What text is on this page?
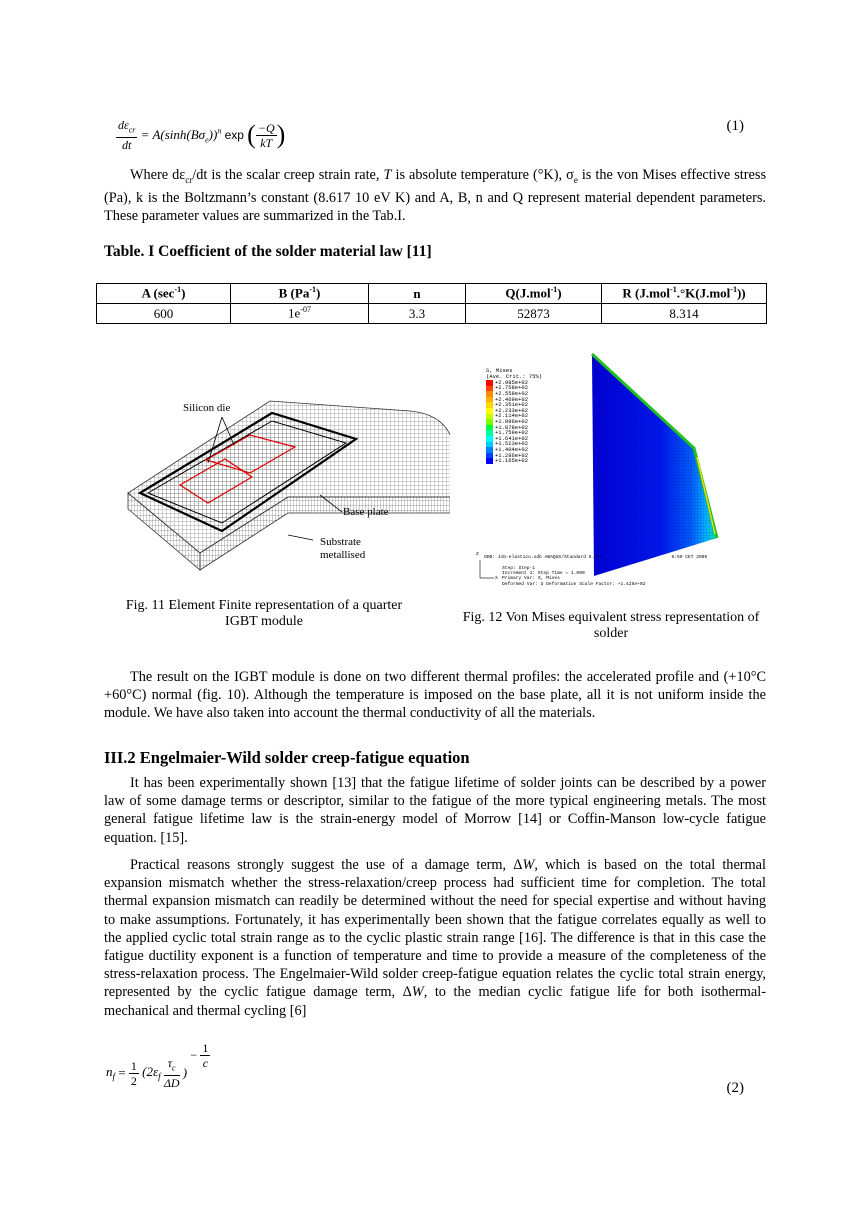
$\frac{d\varepsilon_{cr}}{dt} = A(\sinh(B\sigma_e))^n$ exp ( $\frac{-Q}{kT}$ )	(1)

Where $d\varepsilon_{cr}/dt$ is the scalar creep strain rate, T is absolute temperature (°K), $\sigma_e$ is the von Mises effective stress (Pa), k is the Boltzmann’s constant (8.617 10 eV K) and A, B, n and Q represent material dependent parameters. These parameter values are summarized in the Tab.I.

Table. I Coefficient of the solder material law [11]
A $(\sec^{-1})$	B $(Pa^{-1})$	n	Q(J.mol$^{-1}$)	R (J.mol$^{-1}$.°K(J.mol$^{-1}$))
600	$1e^{-07}$	3.3	52873	8.314
Silicon die
Base plate
Substrate
metallised
Fig. 11 Element Finite representation of a quarter
IGBT module
S, Mises
(Ave. Crit.: 75%)
+2.985e+02
+2.758e+02
+2.558e+02
+2.469e+02
+2.351e+02
+2.233e+02
+2.114e+02
+1.996e+02
+1.878e+02
+1.759e+02
+1.641e+02
+1.523e+02
+1.404e+02
+1.286e+02
+1.165e+02
ODB: Job-elastico.odb ABAQUS/Standard 6.3-1	6:59 CET 2005
Step: Step-1
Increment 1: Step Time = 1.000
Primary Var: S, Mises
Deformed Var: U Deformation Scale Factor: +1.425e+02
Z
X
Fig. 12 Von Mises equivalent stress representation of
solder

The result on the IGBT module is done on two different thermal profiles: the accelerated profile and (+10°C +60°C) normal (fig. 10). Although the temperature is imposed on the base plate, all it is not uniform inside the module. We have also taken into account the thermal conductivity of all the materials.

III.2 Engelmaier-Wild solder creep-fatigue equation

It has been experimentally shown [13] that the fatigue lifetime of solder joints can be described by a power law of some damage terms or descriptor, similar to the fatigue of the more typical engineering metals. The most general fatigue lifetime law is the strain-energy model of Morrow [14] or Coffin-Manson low-cycle fatigue equation. [15].

Practical reasons strongly suggest the use of a damage term, ΔW, which is based on the total thermal expansion mismatch whether the stress-relaxation/creep process had sufficient time for completion. The total thermal expansion mismatch can readily be determined without the need for special expertise and without having to make assumptions. Fortunately, it has experimentally been shown that the fatigue correlates equally as well to the applied cyclic total strain range as to the cyclic plastic strain range [16]. The difference is that in this case the fatigue ductility exponent is a function of temperature and time to provide a measure of the completeness of the stress-relaxation process. The Engelmaier-Wild solder creep-fatigue equation relates the cyclic total strain energy, represented by the cyclic fatigue damage term, ΔW, to the median cyclic fatigue life for both isothermal-mechanical and thermal cycling [6]

$n_f = \frac{1}{2} (2\varepsilon_f \frac{\tau_c}{\Delta D}$ ) − $\frac{1}{c}$
(2)
